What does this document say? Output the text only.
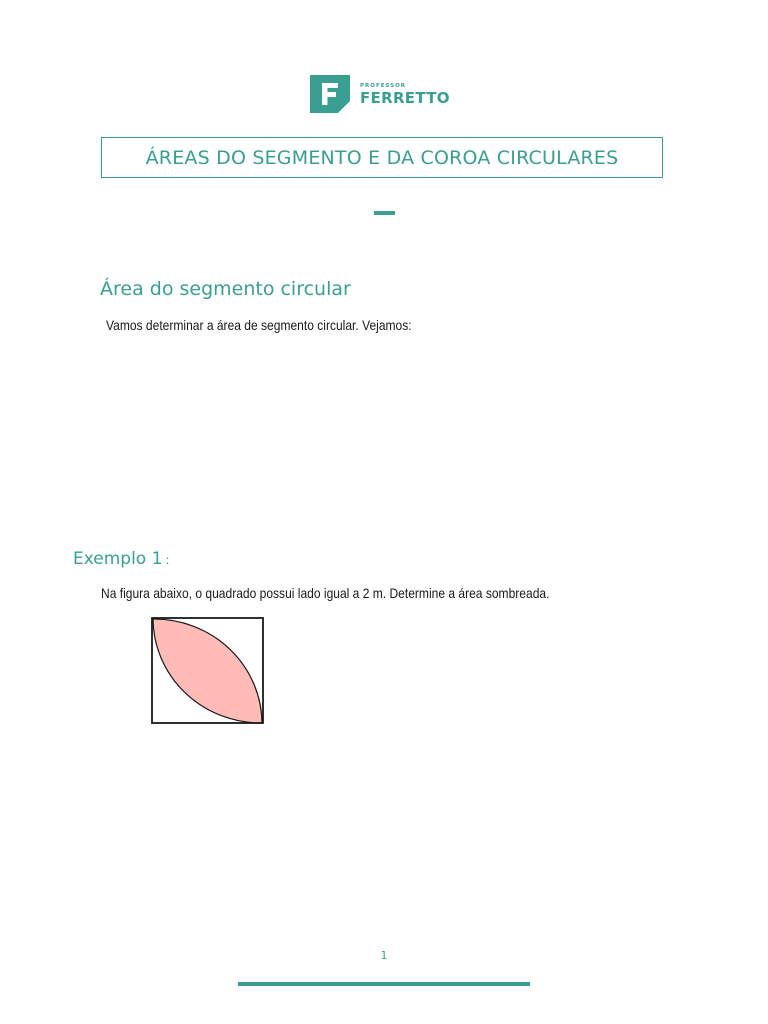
PROFESSOR
FERRETTO
ÁREAS DO SEGMENTO E DA COROA CIRCULARES
Área do segmento circular
Vamos determinar a área de segmento circular. Vejamos:
Exemplo 1 :
Na figura abaixo, o quadrado possui lado igual a 2 m. Determine a área sombreada.
1
